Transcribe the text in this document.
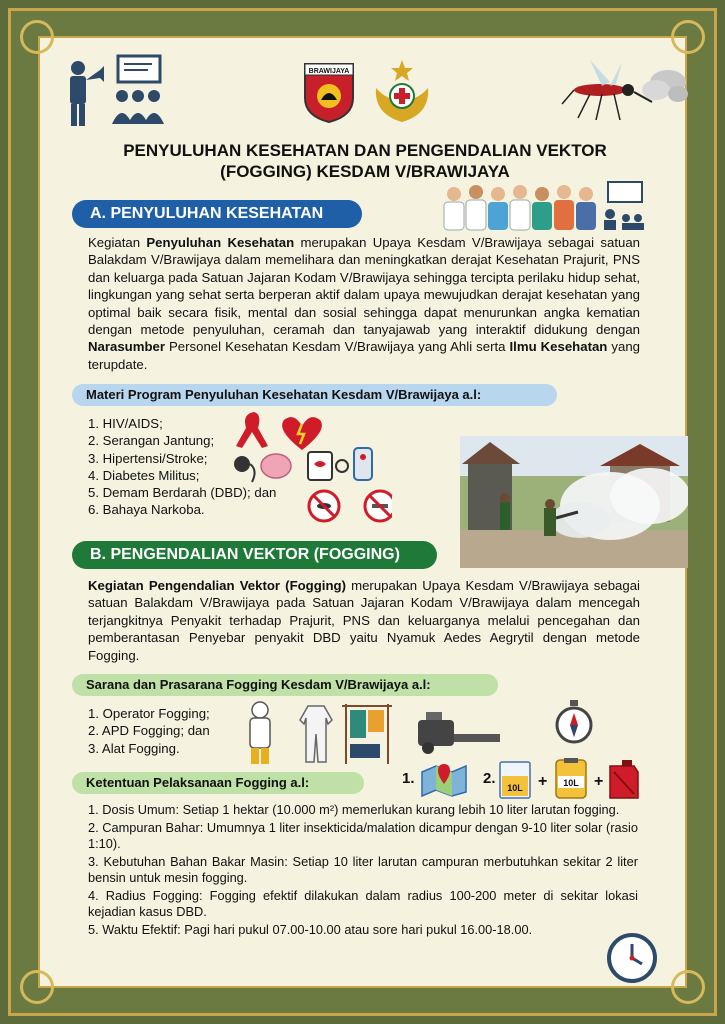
BRAWIJAYA
PENYULUHAN KESEHATAN DAN PENGENDALIAN VEKTOR
(FOGGING) KESDAM V/BRAWIJAYA
A. PENYULUHAN KESEHATAN
Kegiatan Penyuluhan Kesehatan merupakan Upaya Kesdam V/Brawijaya sebagai satuan Balakdam V/Brawijaya dalam memelihara dan meningkatkan derajat Kesehatan Prajurit, PNS dan keluarga pada Satuan Jajaran Kodam V/Brawijaya sehingga tercipta perilaku hidup sehat, lingkungan yang sehat serta berperan aktif dalam upaya mewujudkan derajat kesehatan yang optimal baik secara fisik, mental dan sosial sehingga dapat menurunkan angka kematian dengan metode penyuluhan, ceramah dan tanyajawab yang interaktif didukung dengan Narasumber Personel Kesehatan Kesdam V/Brawijaya yang Ahli serta Ilmu Kesehatan yang terupdate.
Materi Program Penyuluhan Kesehatan Kesdam V/Brawijaya a.l:
1. HIV/AIDS;
2. Serangan Jantung;
3. Hipertensi/Stroke;
4. Diabetes Militus;
5. Demam Berdarah (DBD); dan
6. Bahaya Narkoba.
B. PENGENDALIAN VEKTOR (FOGGING)
Kegiatan Pengendalian Vektor (Fogging) merupakan Upaya Kesdam V/Brawijaya sebagai satuan Balakdam V/Brawijaya pada Satuan Jajaran Kodam V/Brawijaya dalam mencegah terjangkitnya Penyakit terhadap Prajurit, PNS dan keluarganya melalui pencegahan dan pemberantasan Penyebar penyakit DBD yaitu Nyamuk Aedes Aegrytil dengan metode Fogging.
Sarana dan Prasarana Fogging Kesdam V/Brawijaya a.l:
1. Operator Fogging;
2. APD Fogging; dan
3. Alat Fogging.
Ketentuan Pelaksanaan Fogging a.l:	1.	2.
10L + 10L +
1. Dosis Umum: Setiap 1 hektar (10.000 m²) memerlukan kurang lebih 10 liter larutan fogging.
2. Campuran Bahar: Umumnya 1 liter insekticida/malation dicampur dengan 9-10 liter solar (rasio 1:10).
3. Kebutuhan Bahan Bakar Masin: Setiap 10 liter larutan campuran merbutuhkan sekitar 2 liter bensin untuk mesin fogging.
4. Radius Fogging: Fogging efektif dilakukan dalam radius 100-200 meter di sekitar lokasi kejadian kasus DBD.
5. Waktu Efektif: Pagi hari pukul 07.00-10.00 atau sore hari pukul 16.00-18.00.
